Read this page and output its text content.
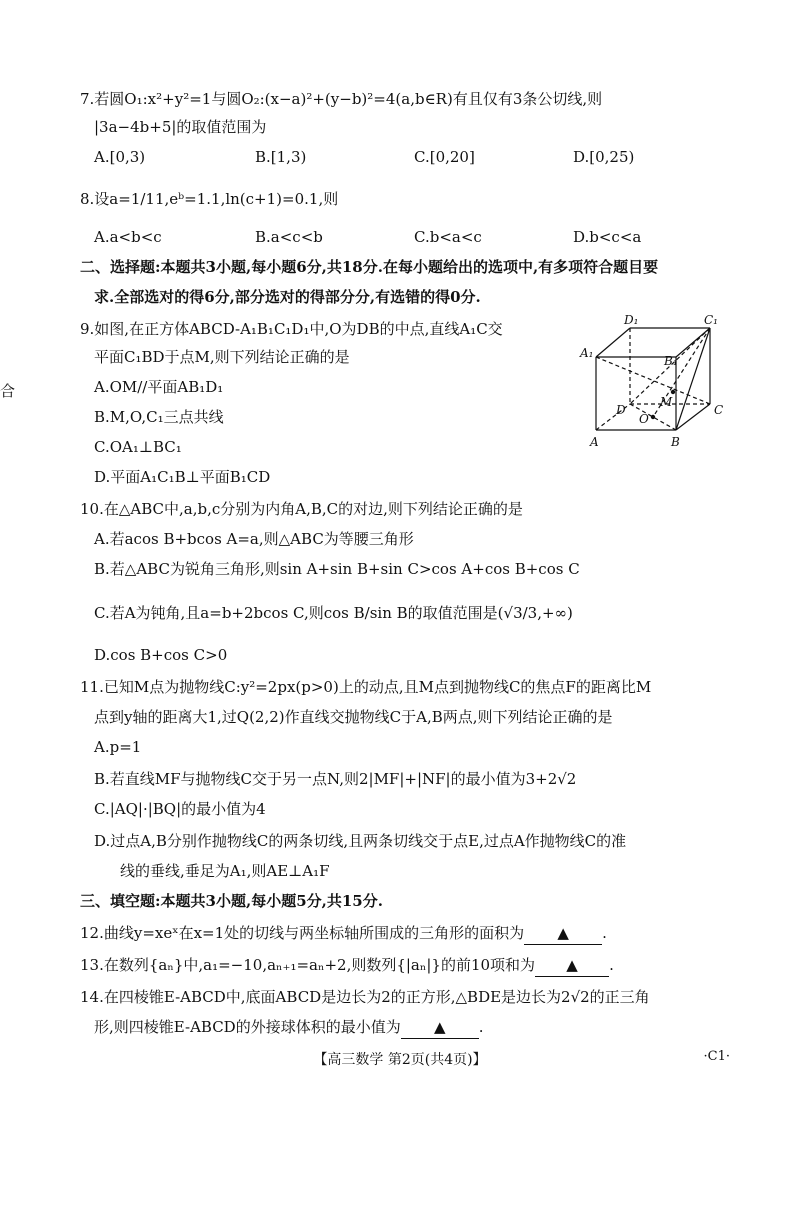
合
7.若圆O₁:x²+y²=1与圆O₂:(x−a)²+(y−b)²=4(a,b∈R)有且仅有3条公切线,则
|3a−4b+5|的取值范围为
A.[0,3)	B.[1,3)	C.[0,20]	D.[0,25)
8.设a=1/11,eᵇ=1.1,ln(c+1)=0.1,则
A.a<b<c	B.a<c<b	C.b<a<c	D.b<c<a
二、选择题:本题共3小题,每小题6分,共18分.在每小题给出的选项中,有多项符合题目要
求.全部选对的得6分,部分选对的得部分分,有选错的得0分.
9.如图,在正方体ABCD-A₁B₁C₁D₁中,O为DB的中点,直线A₁C交
平面C₁BD于点M,则下列结论正确的是
A.OM//平面AB₁D₁
B.M,O,C₁三点共线
C.OA₁⊥BC₁
D.平面A₁C₁B⊥平面B₁CD
D₁	C₁
A₁
B₁
M
D
O
C
A	B
10.在△ABC中,a,b,c分别为内角A,B,C的对边,则下列结论正确的是
A.若acos B+bcos A=a,则△ABC为等腰三角形
B.若△ABC为锐角三角形,则sin A+sin B+sin C>cos A+cos B+cos C
C.若A为钝角,且a=b+2bcos C,则cos B/sin B的取值范围是(√3/3,+∞)
D.cos B+cos C>0
11.已知M点为抛物线C:y²=2px(p>0)上的动点,且M点到抛物线C的焦点F的距离比M
点到y轴的距离大1,过Q(2,2)作直线交抛物线C于A,B两点,则下列结论正确的是
A.p=1
B.若直线MF与抛物线C交于另一点N,则2|MF|+|NF|的最小值为3+2√2
C.|AQ|·|BQ|的最小值为4
D.过点A,B分别作抛物线C的两条切线,且两条切线交于点E,过点A作抛物线C的准
线的垂线,垂足为A₁,则AE⊥A₁F
三、填空题:本题共3小题,每小题5分,共15分.
12.曲线y=xeˣ在x=1处的切线与两坐标轴所围成的三角形的面积为 ▲ .
13.在数列{aₙ}中,a₁=−10,aₙ₊₁=aₙ+2,则数列{|aₙ|}的前10项和为 ▲ .
14.在四棱锥E-ABCD中,底面ABCD是边长为2的正方形,△BDE是边长为2√2的正三角
形,则四棱锥E-ABCD的外接球体积的最小值为 ▲ .
【高三数学 第2页(共4页)】	·C1·
